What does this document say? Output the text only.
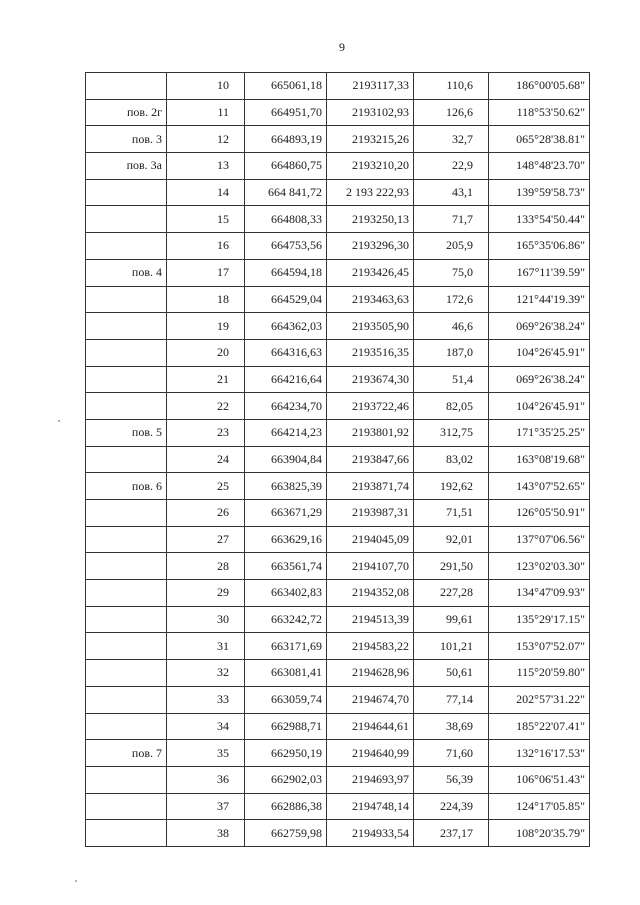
9
	10	665061,18	2193117,33	110,6	186°00'05.68"
пов. 2г	11	664951,70	2193102,93	126,6	118°53'50.62"
пов. 3	12	664893,19	2193215,26	32,7	065°28'38.81"
пов. 3а	13	664860,75	2193210,20	22,9	148°48'23.70"
	14	664 841,72	2 193 222,93	43,1	139°59'58.73"
	15	664808,33	2193250,13	71,7	133°54'50.44"
	16	664753,56	2193296,30	205,9	165°35'06.86"
пов. 4	17	664594,18	2193426,45	75,0	167°11'39.59"
	18	664529,04	2193463,63	172,6	121°44'19.39"
	19	664362,03	2193505,90	46,6	069°26'38.24"
	20	664316,63	2193516,35	187,0	104°26'45.91"
	21	664216,64	2193674,30	51,4	069°26'38.24"
	22	664234,70	2193722,46	82,05	104°26'45.91"
пов. 5	23	664214,23	2193801,92	312,75	171°35'25.25"
	24	663904,84	2193847,66	83,02	163°08'19.68"
пов. 6	25	663825,39	2193871,74	192,62	143°07'52.65"
	26	663671,29	2193987,31	71,51	126°05'50.91"
	27	663629,16	2194045,09	92,01	137°07'06.56"
	28	663561,74	2194107,70	291,50	123°02'03.30"
	29	663402,83	2194352,08	227,28	134°47'09.93"
	30	663242,72	2194513,39	99,61	135°29'17.15"
	31	663171,69	2194583,22	101,21	153°07'52.07"
	32	663081,41	2194628,96	50,61	115°20'59.80"
	33	663059,74	2194674,70	77,14	202°57'31.22"
	34	662988,71	2194644,61	38,69	185°22'07.41"
пов. 7	35	662950,19	2194640,99	71,60	132°16'17.53"
	36	662902,03	2194693,97	56,39	106°06'51.43"
	37	662886,38	2194748,14	224,39	124°17'05.85"
	38	662759,98	2194933,54	237,17	108°20'35.79"
